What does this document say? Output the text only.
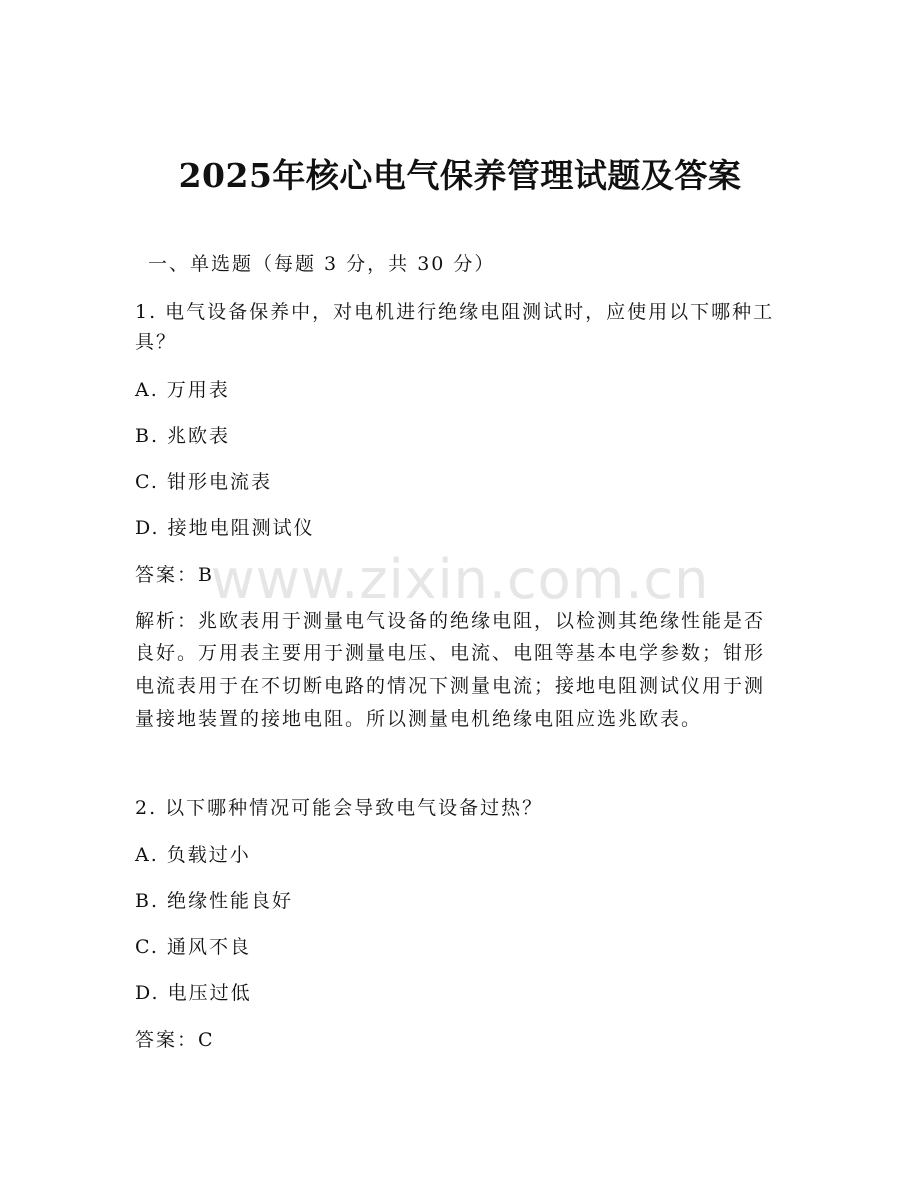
2025年核心电气保养管理试题及答案
www.zixin.com.cn

一、单选题（每题 3 分，共 30 分）

1. 电气设备保养中，对电机进行绝缘电阻测试时，应使用以下哪种工

具？

A. 万用表

B. 兆欧表

C. 钳形电流表

D. 接地电阻测试仪

答案：B

解析：兆欧表用于测量电气设备的绝缘电阻，以检测其绝缘性能是否

良好。万用表主要用于测量电压、电流、电阻等基本电学参数；钳形

电流表用于在不切断电路的情况下测量电流；接地电阻测试仪用于测

量接地装置的接地电阻。所以测量电机绝缘电阻应选兆欧表。

2. 以下哪种情况可能会导致电气设备过热？

A. 负载过小

B. 绝缘性能良好

C. 通风不良

D. 电压过低

答案：C
